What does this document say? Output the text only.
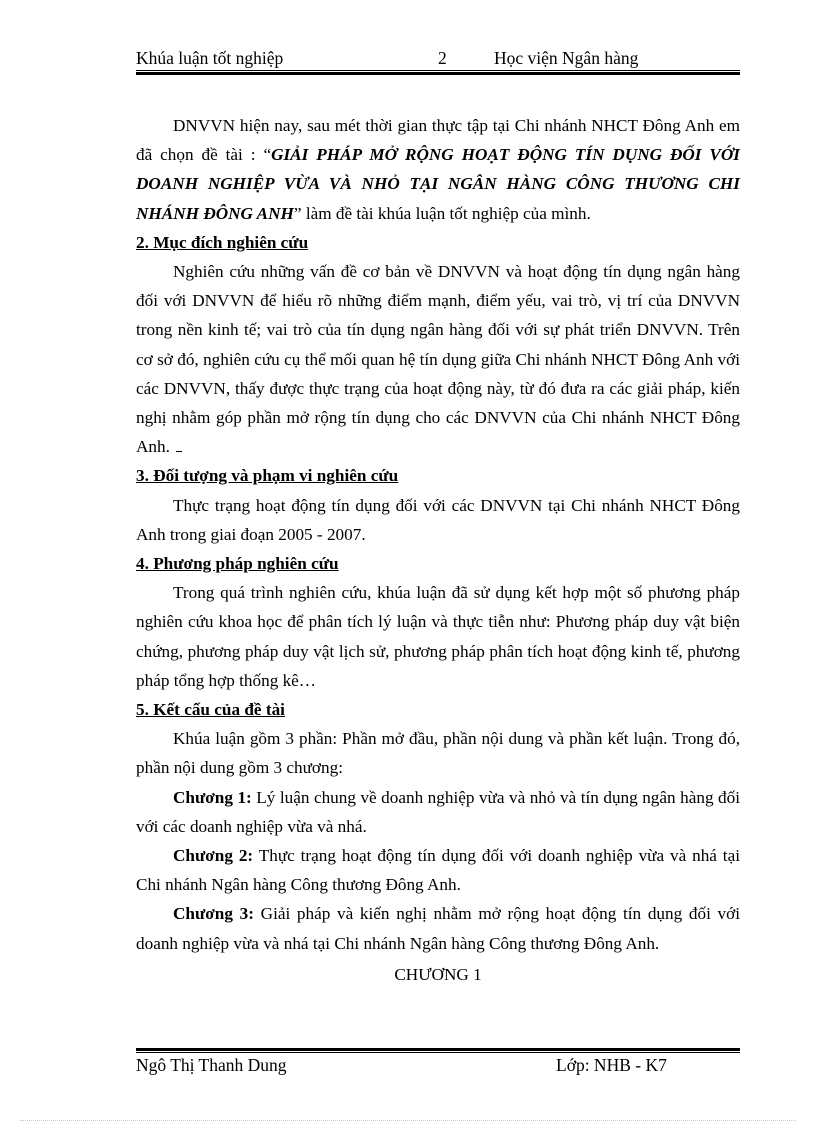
Khúa luận tốt nghiệp	2	Học viện Ngân hàng

DNVVN hiện nay, sau mét thời gian thực tập tại Chi nhánh NHCT Đông Anh em đã chọn đề tài : “GIẢI PHÁP MỞ RỘNG HOẠT ĐỘNG TÍN DỤNG ĐỐI VỚI DOANH NGHIỆP VỪA VÀ NHỎ TẠI NGÂN HÀNG CÔNG THƯƠNG CHI NHÁNH ĐÔNG ANH” làm đề tài khúa luận tốt nghiệp của mình.

2. Mục đích nghiên cứu

Nghiên cứu những vấn đề cơ bản về DNVVN và hoạt động tín dụng ngân hàng đối với DNVVN để hiểu rõ những điểm mạnh, điểm yếu, vai trò, vị trí của DNVVN trong nền kinh tế; vai trò của tín dụng ngân hàng đối với sự phát triển DNVVN. Trên cơ sở đó, nghiên cứu cụ thể mối quan hệ tín dụng giữa Chi nhánh NHCT Đông Anh với các DNVVN, thấy được thực trạng của hoạt động này, từ đó đưa ra các giải pháp, kiến nghị nhằm góp phần mở rộng tín dụng cho các DNVVN của Chi nhánh NHCT Đông Anh.

3. Đối tượng và phạm vi nghiên cứu

Thực trạng hoạt động tín dụng đối với các DNVVN tại Chi nhánh NHCT Đông Anh trong giai đoạn 2005 - 2007.

4. Phương pháp nghiên cứu

Trong quá trình nghiên cứu, khúa luận đã sử dụng kết hợp một số phương pháp nghiên cứu khoa học để phân tích lý luận và thực tiễn như: Phương pháp duy vật biện chứng, phương pháp duy vật lịch sử, phương pháp phân tích hoạt động kinh tế, phương pháp tổng hợp thống kê…

5. Kết cấu của đề tài

Khúa luận gồm 3 phần: Phần mở đầu, phần nội dung và phần kết luận. Trong đó, phần nội dung gồm 3 chương:

Chương 1: Lý luận chung về doanh nghiệp vừa và nhỏ và tín dụng ngân hàng đối với các doanh nghiệp vừa và nhá.

Chương 2: Thực trạng hoạt động tín dụng đối với doanh nghiệp vừa và nhá tại Chi nhánh Ngân hàng Công thương Đông Anh.

Chương 3: Giải pháp và kiến nghị nhằm mở rộng hoạt động tín dụng đối với doanh nghiệp vừa và nhá tại Chi nhánh Ngân hàng Công thương Đông Anh.

CHƯƠNG 1

Ngô Thị Thanh Dung	Lớp: NHB - K7
